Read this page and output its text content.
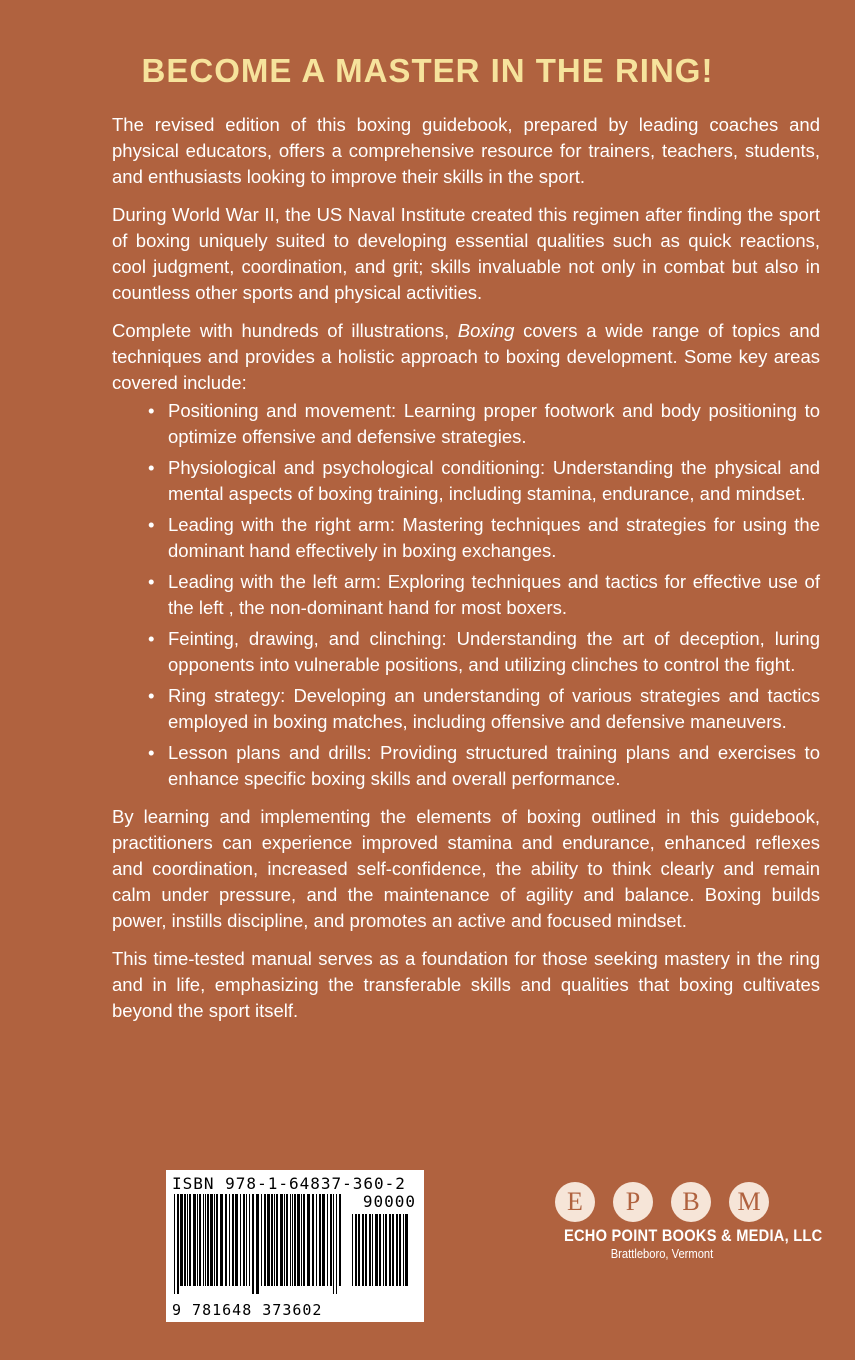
BECOME A MASTER IN THE RING!

The revised edition of this boxing guidebook, prepared by leading coaches and physical educators, offers a comprehensive resource for trainers, teachers, students, and enthusiasts looking to improve their skills in the sport.

During World War II, the US Naval Institute created this regimen after finding the sport of boxing uniquely suited to developing essential qualities such as quick reactions, cool judgment, coordination, and grit; skills invaluable not only in combat but also in countless other sports and physical activities.

Complete with hundreds of illustrations, Boxing covers a wide range of topics and techniques and provides a holistic approach to boxing development. Some key areas covered include:

• Positioning and movement: Learning proper footwork and body positioning to optimize offensive and defensive strategies.
• Physiological and psychological conditioning: Understanding the physical and mental aspects of boxing training, including stamina, endurance, and mindset.
• Leading with the right arm: Mastering techniques and strategies for using the dominant hand effectively in boxing exchanges.
• Leading with the left arm: Exploring techniques and tactics for effective use of the left , the non-dominant hand for most boxers.
• Feinting, drawing, and clinching: Understanding the art of deception, luring opponents into vulnerable positions, and utilizing clinches to control the fight.
• Ring strategy: Developing an understanding of various strategies and tactics employed in boxing matches, including offensive and defensive maneuvers.
• Lesson plans and drills: Providing structured training plans and exercises to enhance specific boxing skills and overall performance.

By learning and implementing the elements of boxing outlined in this guidebook, practitioners can experience improved stamina and endurance, enhanced reflexes and coordination, increased self-confidence, the ability to think clearly and remain calm under pressure, and the maintenance of agility and balance. Boxing builds power, instills discipline, and promotes an active and focused mindset.

This time-tested manual serves as a foundation for those seeking mastery in the ring and in life, emphasizing the transferable skills and qualities that boxing cultivates beyond the sport itself.

ISBN 978-1-64837-360-2
90000
9 781648 373602
E	P	B	M
ECHO POINT BOOKS & MEDIA, LLC
Brattleboro, Vermont
